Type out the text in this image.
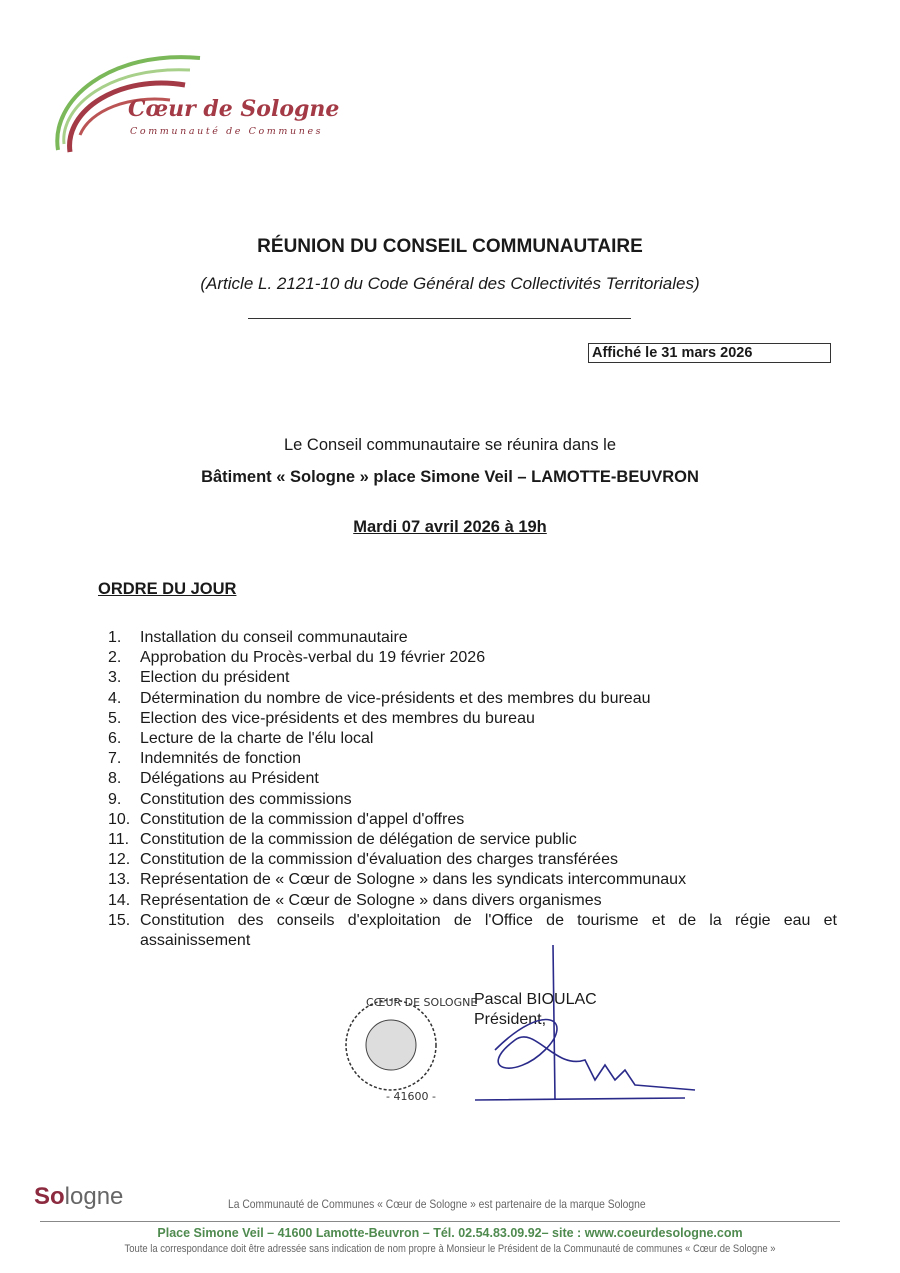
Cœur de Sologne
Communauté de Communes
RÉUNION DU CONSEIL COMMUNAUTAIRE
(Article L. 2121-10 du Code Général des Collectivités Territoriales)
Affiché le 31 mars 2026
Le Conseil communautaire se réunira dans le
Bâtiment « Sologne » place Simone Veil – LAMOTTE-BEUVRON
Mardi 07 avril 2026 à 19h
ORDRE DU JOUR
1.	Installation du conseil communautaire
2.	Approbation du Procès-verbal du 19 février 2026
3.	Election du président
4.	Détermination du nombre de vice-présidents et des membres du bureau
5.	Election des vice-présidents et des membres du bureau
6.	Lecture de la charte de l'élu local
7.	Indemnités de fonction
8.	Délégations au Président
9.	Constitution des commissions
10. Constitution de la commission d'appel d'offres
11. Constitution de la commission de délégation de service public
12. Constitution de la commission d'évaluation des charges transférées
13. Représentation de « Cœur de Sologne » dans les syndicats intercommunaux
14. Représentation de « Cœur de Sologne » dans divers organismes
15. Constitution des conseils d'exploitation de l'Office de tourisme et de la régie eau et assainissement
- 41600 -
CŒUR DE SOLOGNE
Pascal BIOULAC
Président,
Sologne	La Communauté de Communes « Cœur de Sologne » est partenaire de la marque Sologne
Place Simone Veil – 41600 Lamotte-Beuvron – Tél. 02.54.83.09.92– site : www.coeurdesologne.com
Toute la correspondance doit être adressée sans indication de nom propre à Monsieur le Président de la Communauté de communes « Cœur de Sologne »
